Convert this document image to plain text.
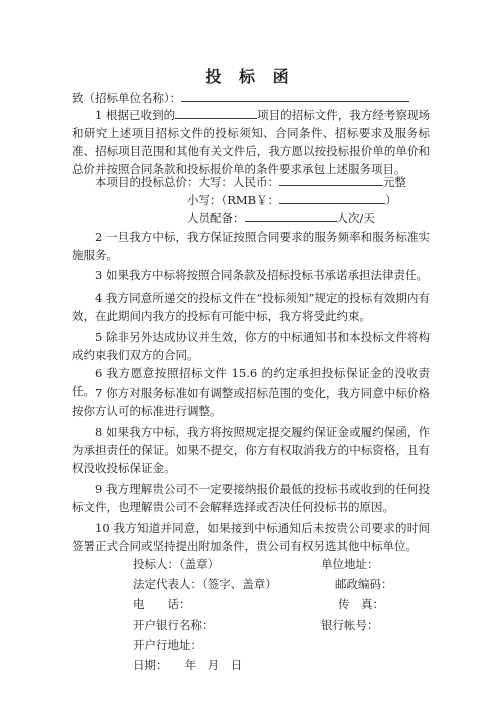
投 标 函
致（招标单位名称）：
1 根据已收到的	项目的招标文件，我方经考察现场和研究上述项目招标文件的投标须知、合同条件、招标要求及服务标准、招标项目范围和其他有关文件后，我方愿以按投标报价单的单价和总价并按照合同条款和投标报价单的条件要求承包上述服务项目。
本项目的投标总价：大写：人民币：	元整
小写：（RMB￥：	）
人员配备：	人次/天
2 一旦我方中标，我方保证按照合同要求的服务频率和服务标准实施服务。
3 如果我方中标将按照合同条款及招标投标书承诺承担法律责任。
4 我方同意所递交的投标文件在“投标须知”规定的投标有效期内有效，在此期间内我方的投标有可能中标，我方将受此约束。
5 除非另外达成协议并生效，你方的中标通知书和本投标文件将构成约束我们双方的合同。
6 我方愿意按照招标文件 15.6 的约定承担投标保证金的没收责任。 7 你方对服务标准如有调整或招标范围的变化，我方同意中标价格按你方认可的标准进行调整。
8 如果我方中标，我方将按照规定提交履约保证金或履约保函，作为承担责任的保证。如果不提交，你方有权取消我方的中标资格，且有权没收投标保证金。
9 我方理解贵公司不一定要接纳报价最低的投标书或收到的任何投标文件，也理解贵公司不会解释选择或否决任何投标书的原因。
10 我方知道并同意，如果接到中标通知后未按贵公司要求的时间签署正式合同或坚持提出附加条件，贵公司有权另选其他中标单位。
投标人：（盖章）	单位地址：
法定代表人：（签字、盖章）	邮政编码：
电　　话：	传　真：
开户银行名称：	银行帐号：
开户行地址：
日期：　　年　月　日
